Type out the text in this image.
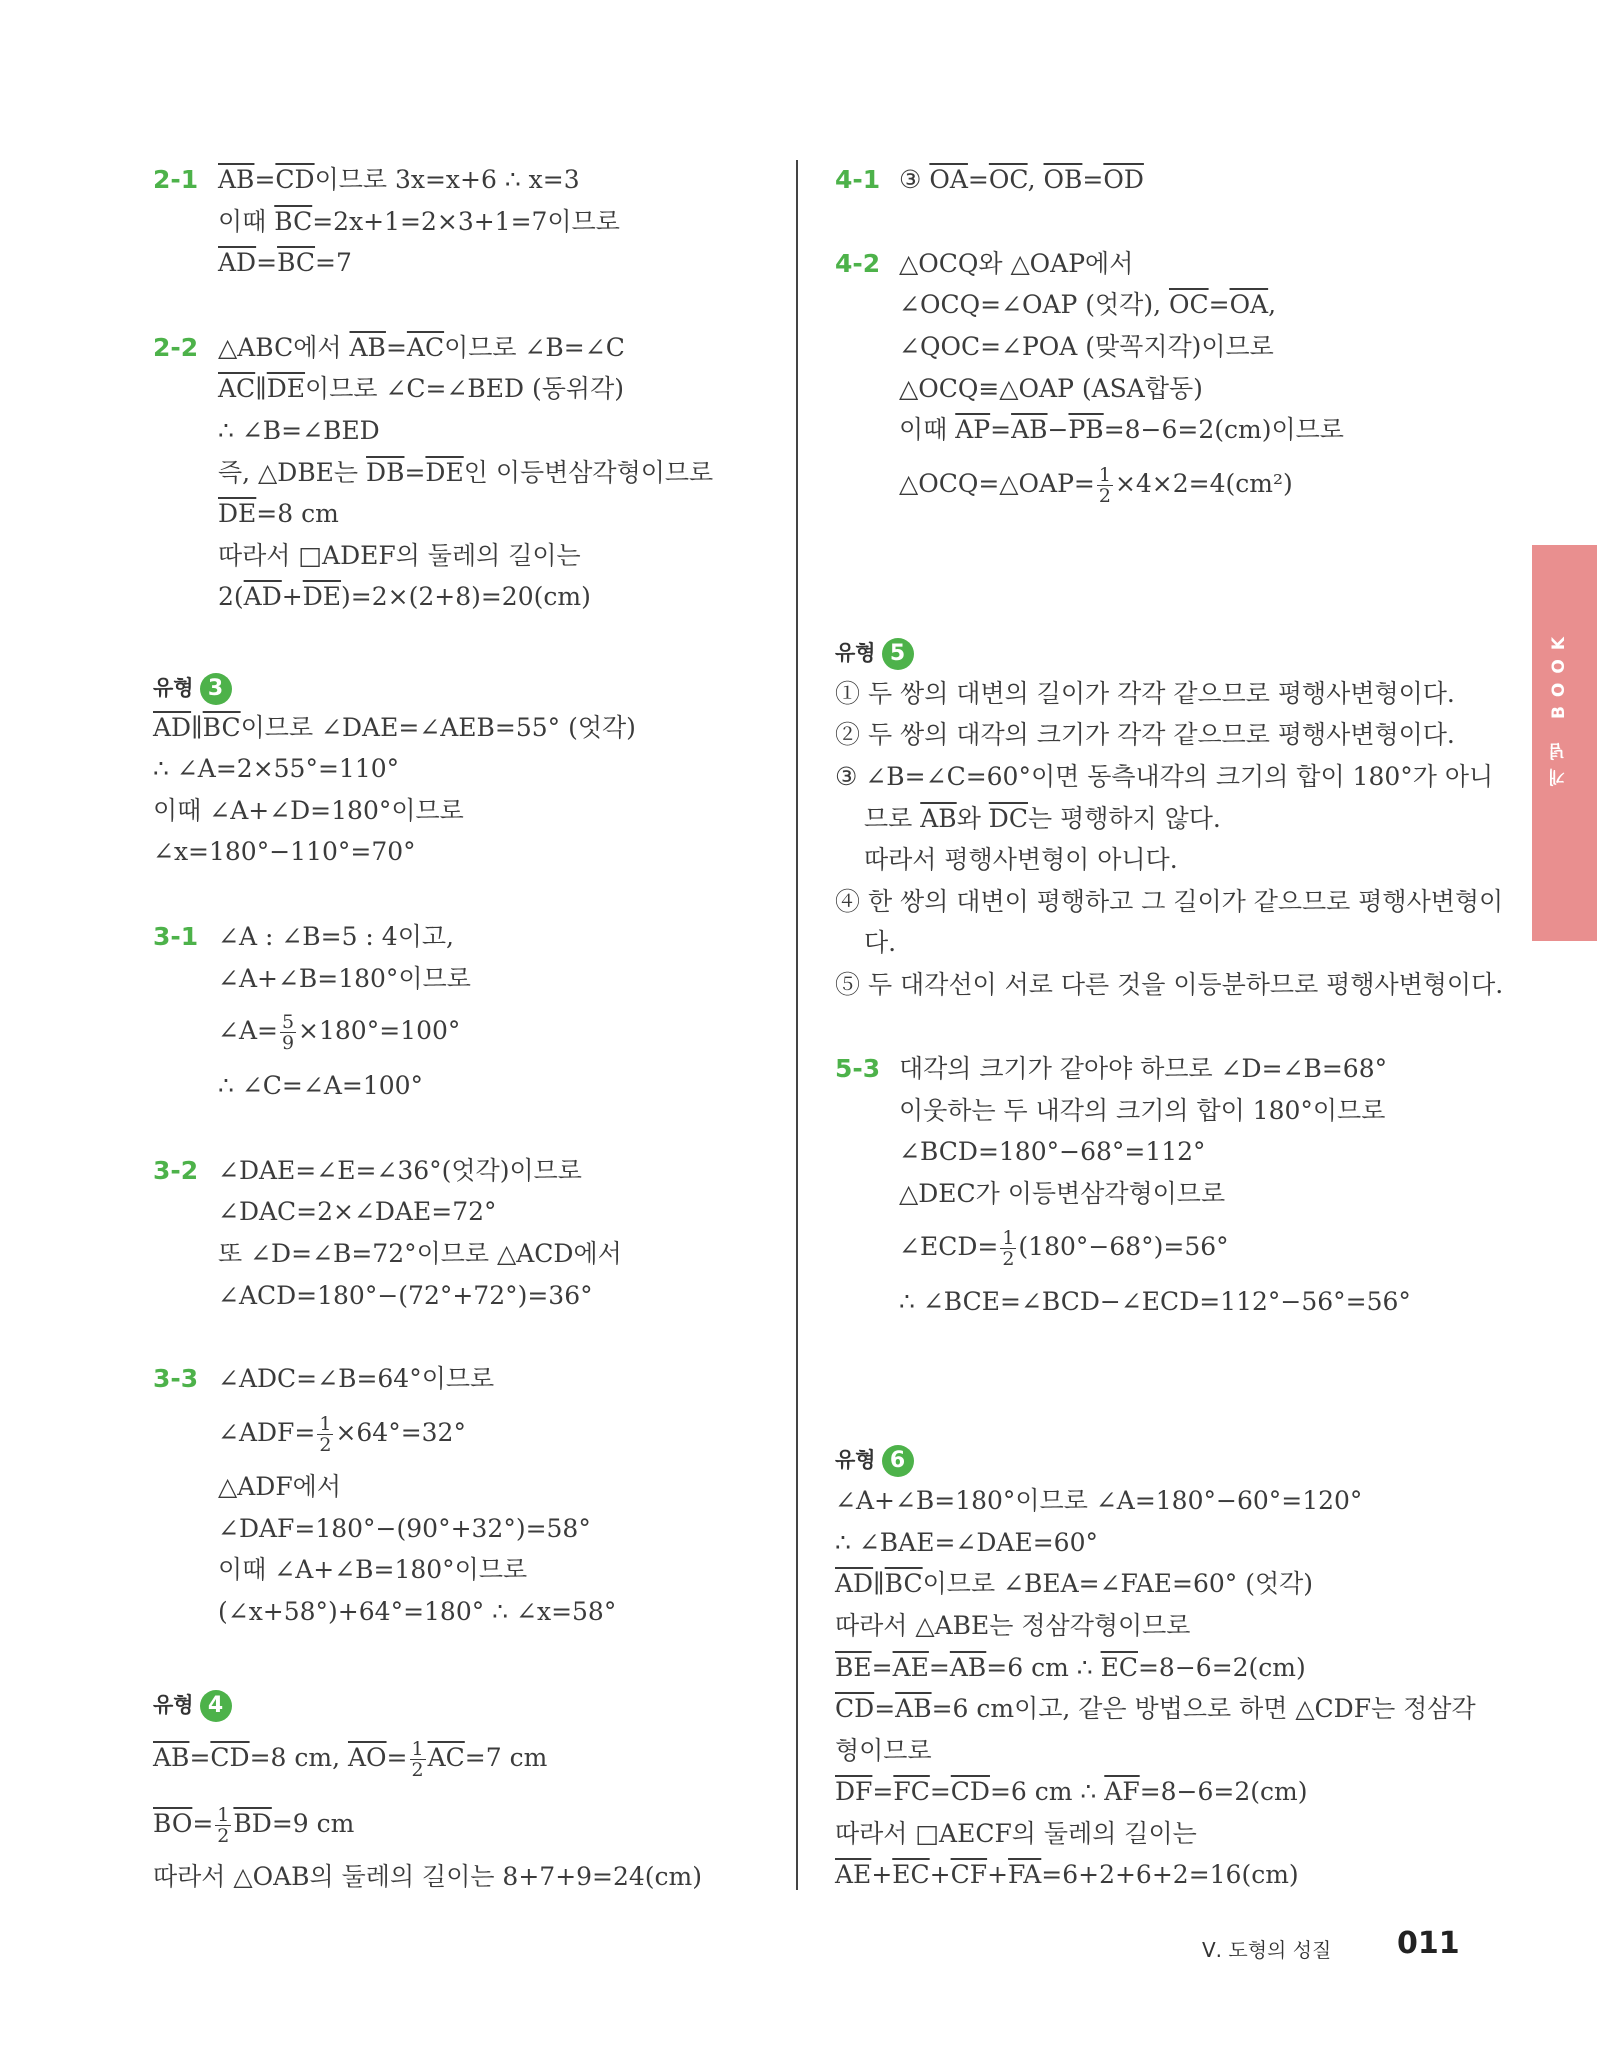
2-1 $\overline{AB}=\overline{CD}$이므로 3x=x+6 ∴ x=3
이때 $\overline{BC}=2x+1=2\times 3+1=7$이므로
$\overline{AD}=\overline{BC}=7$
2-2 △ABC에서 $\overline{AB}=\overline{AC}$이므로 ∠B=∠C
$\overline{AC}\parallel\overline{DE}$이므로 ∠C=∠BED (동위각)
∴ ∠B=∠BED
즉, △DBE는 $\overline{DB}=\overline{DE}$인 이등변삼각형이므로
$\overline{DE}=8$ cm
따라서 □ADEF의 둘레의 길이는
$2(\overline{AD}+\overline{DE})=2\times(2+8)=20(cm)$
유형 3
$\overline{AD}\parallel\overline{BC}$이므로 ∠DAE=∠AEB=55° (엇각)
∴ ∠A=2×55°=110°
이때 ∠A+∠D=180°이므로
∠x=180°−110°=70°
3-1 ∠A : ∠B=5 : 4이고,
∠A+∠B=180°이므로
∠A= $\frac{5}{9} \times 180^\circ=100^\circ$
∴ ∠C=∠A=100°
3-2 ∠DAE=∠E=∠36°(엇각)이므로
∠DAC=2×∠DAE=72°
또 ∠D=∠B=72°이므로 △ACD에서
∠ACD=180°−(72°+72°)=36°
3-3 ∠ADC=∠B=64°이므로
∠ADF= $\frac{1}{2} \times 64^\circ=32^\circ$
△ADF에서
∠DAF=180°−(90°+32°)=58°
이때 ∠A+∠B=180°이므로
(∠x+58°)+64°=180° ∴ ∠x=58°
유형 4
$\overline{AB}=\overline{CD}=8$ cm, $\overline{AO}= \frac{1}{2} \overline{AC}=7$ cm
$\overline{BO}= \frac{1}{2} \overline{BD}=9$ cm
따라서 △OAB의 둘레의 길이는 8+7+9=24(cm)
4-1 ③ $\overline{OA}=\overline{OC}$, $\overline{OB}=\overline{OD}$
4-2 △OCQ와 △OAP에서
∠OCQ=∠OAP (엇각), $\overline{OC}=\overline{OA}$,
∠QOC=∠POA (맞꼭지각)이므로
△OCQ≡△OAP (ASA합동)
이때 $\overline{AP}=\overline{AB}-\overline{PB}=8-6=2(cm)$이므로
△OCQ=△OAP= $\frac{1}{2} \times 4\times 2=4(cm^2)$
유형 5
① 두 쌍의 대변의 길이가 각각 같으므로 평행사변형이다.
② 두 쌍의 대각의 크기가 각각 같으므로 평행사변형이다.
③ ∠B=∠C=60°이면 동측내각의 크기의 합이 180°가 아니
므로 $\overline{AB}$와 $\overline{DC}$는 평행하지 않다.
따라서 평행사변형이 아니다.
④ 한 쌍의 대변이 평행하고 그 길이가 같으므로 평행사변형이
다.
⑤ 두 대각선이 서로 다른 것을 이등분하므로 평행사변형이다.
5-3 대각의 크기가 같아야 하므로 ∠D=∠B=68°
이웃하는 두 내각의 크기의 합이 180°이므로
∠BCD=180°−68°=112°
△DEC가 이등변삼각형이므로
∠ECD= $\frac{1}{2} (180^\circ-68^\circ)=56^\circ$
∴ ∠BCE=∠BCD−∠ECD=112°−56°=56°
유형 6
∠A+∠B=180°이므로 ∠A=180°−60°=120°
∴ ∠BAE=∠DAE=60°
$\overline{AD}\parallel\overline{BC}$이므로 ∠BEA=∠FAE=60° (엇각)
따라서 △ABE는 정삼각형이므로
$\overline{BE}=\overline{AE}=\overline{AB}=6$ cm ∴ $\overline{EC}=8-6=2(cm)$
$\overline{CD}=\overline{AB}=6$ cm이고, 같은 방법으로 하면 △CDF는 정삼각
형이므로
$\overline{DF}=\overline{FC}=\overline{CD}=6$ cm ∴ $\overline{AF}=8-6=2(cm)$
따라서 □AECF의 둘레의 길이는
$\overline{AE}+\overline{EC}+\overline{CF}+\overline{FA}=6+2+6+2=16(cm)$
개념 BOOK
Ⅴ. 도형의 성질 011
